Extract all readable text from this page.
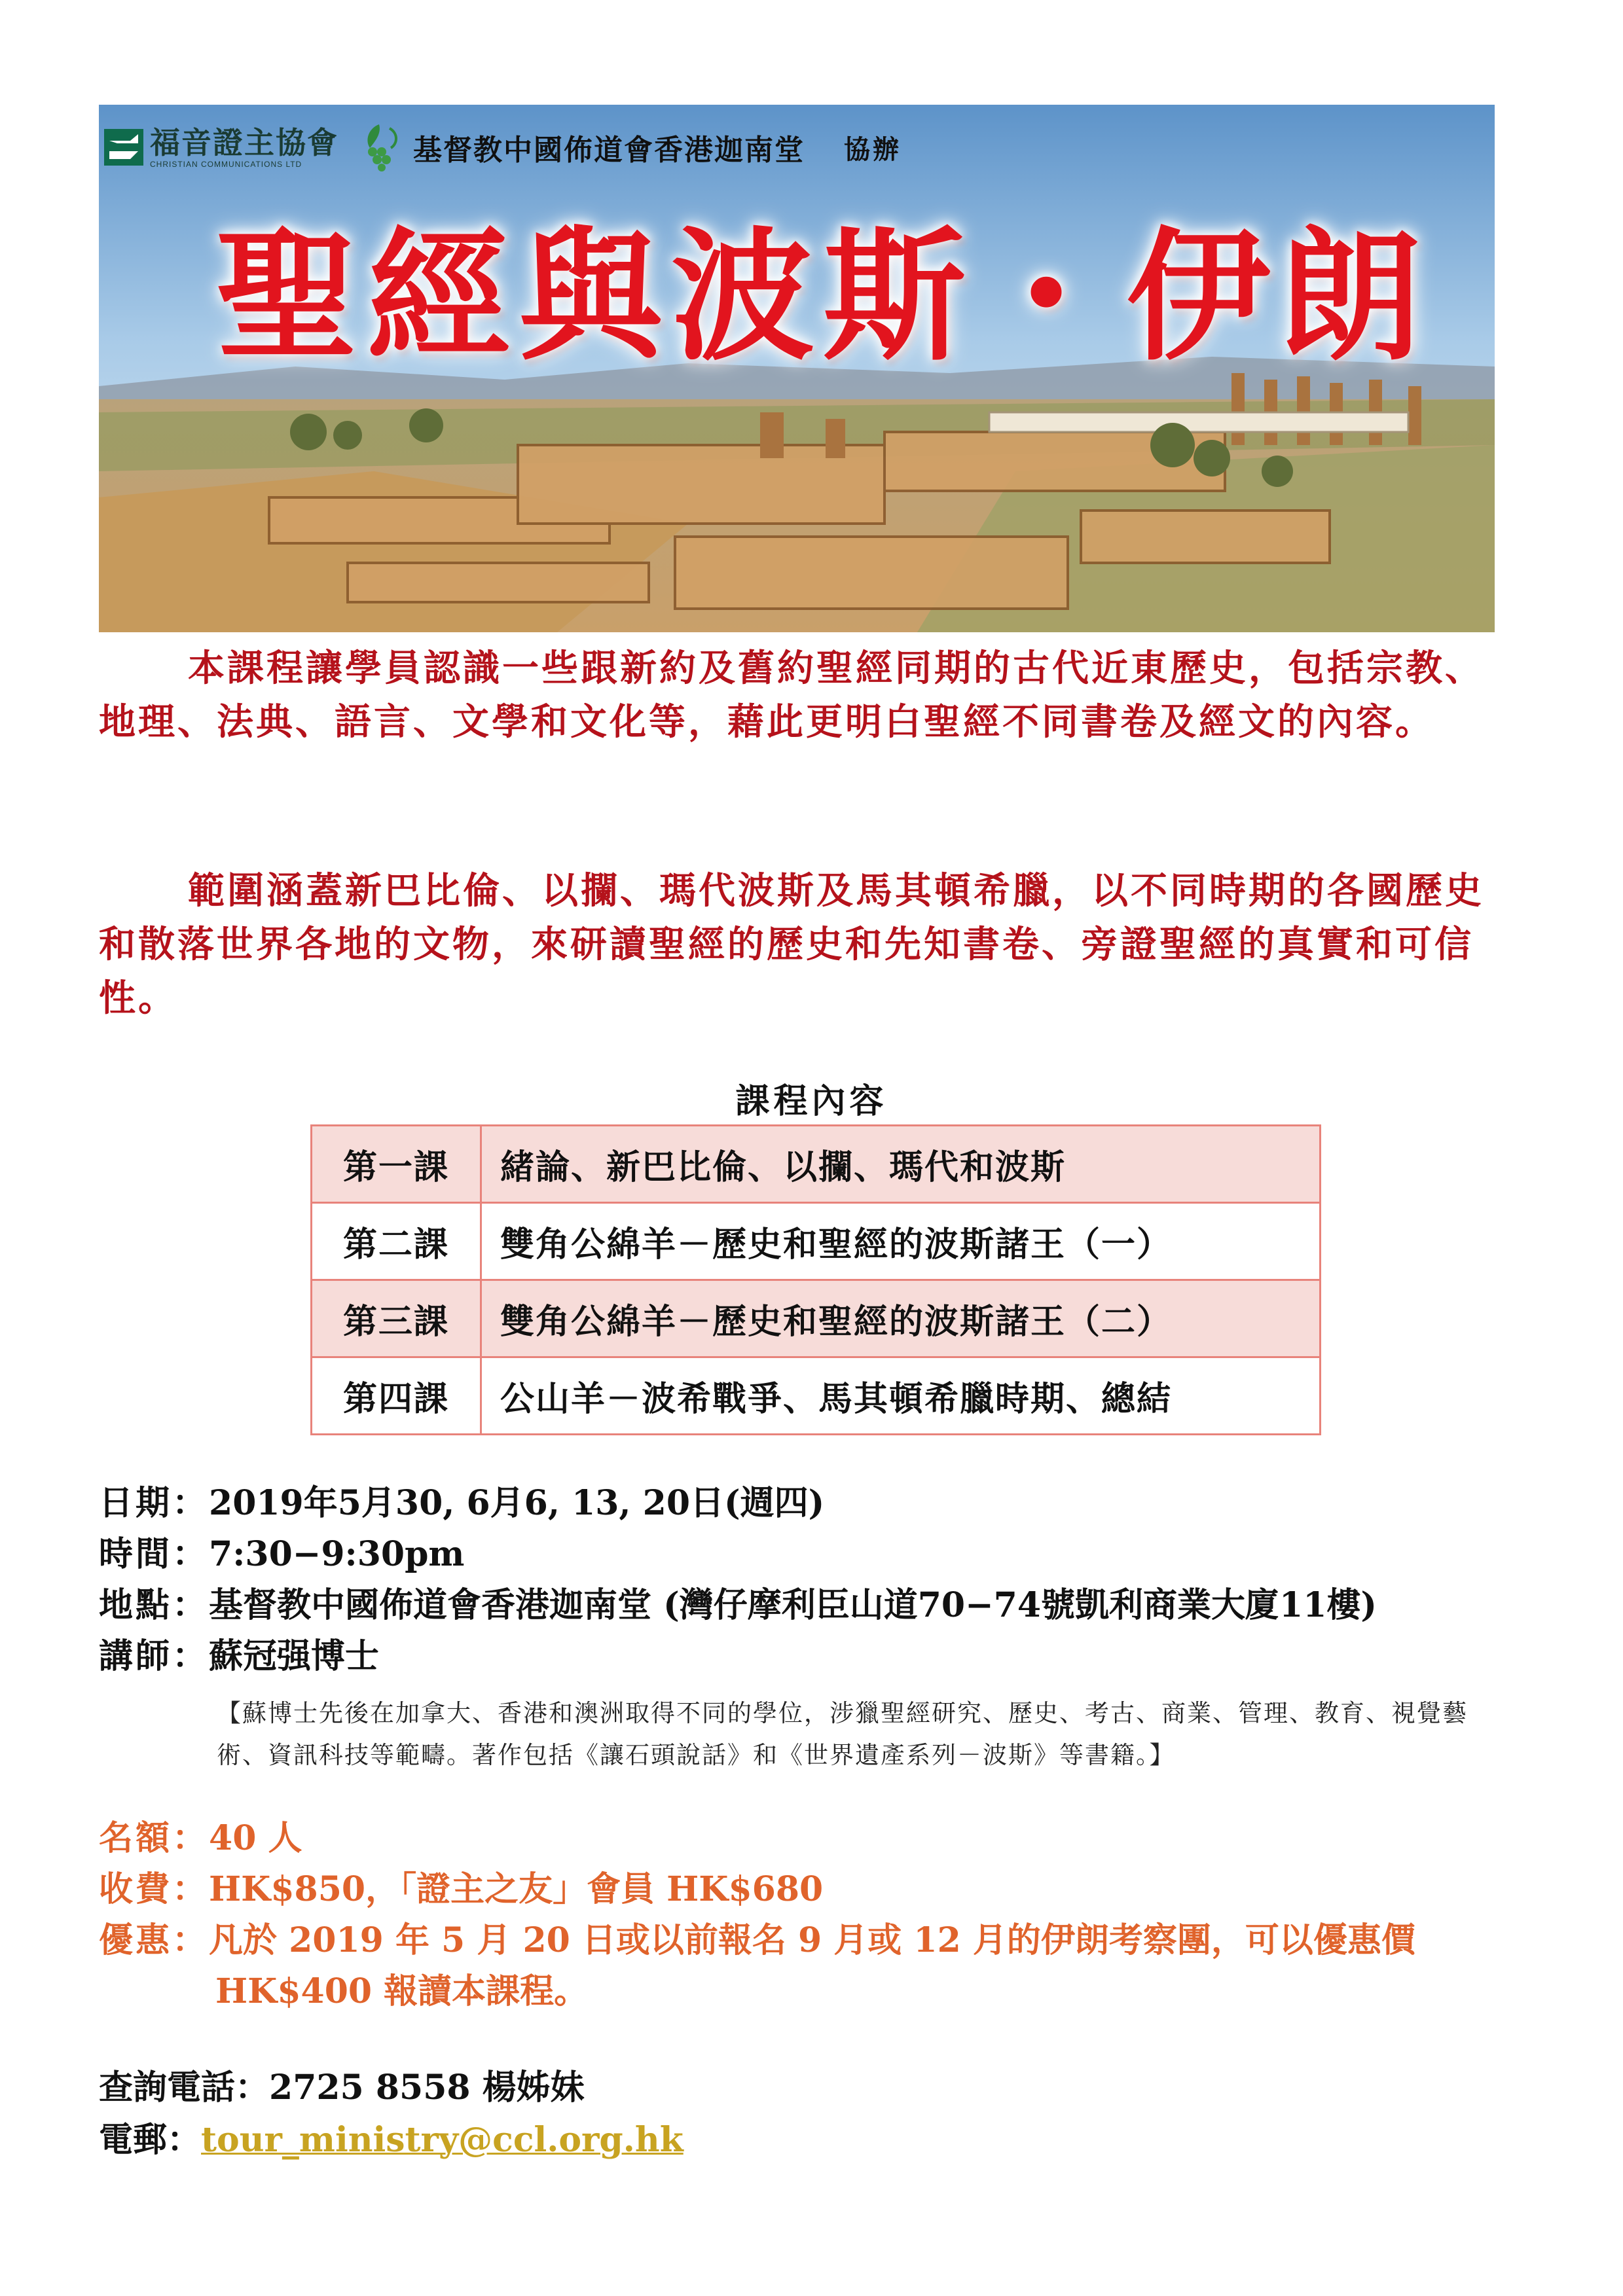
福音證主協會
CHRISTIAN COMMUNICATIONS LTD	基督教中國佈道會香港迦南堂 協辦
聖經與波斯・伊朗

本課程讓學員認識一些跟新約及舊約聖經同期的古代近東歷史，包括宗教、地理、法典、語言、文學和文化等，藉此更明白聖經不同書卷及經文的內容。

範圍涵蓋新巴比倫、以攔、瑪代波斯及馬其頓希臘，以不同時期的各國歷史和散落世界各地的文物，來研讀聖經的歷史和先知書卷、旁證聖經的真實和可信性。

課程內容
第一課	緒論、新巴比倫、以攔、瑪代和波斯
第二課	雙角公綿羊－歷史和聖經的波斯諸王（一）
第三課	雙角公綿羊－歷史和聖經的波斯諸王（二）
第四課	公山羊－波希戰爭、馬其頓希臘時期、總結
日期：2019年5月30, 6月6, 13, 20日(週四)
時間：7:30−9:30pm
地點：基督教中國佈道會香港迦南堂 (灣仔摩利臣山道70−74號凱利商業大廈11樓)
講師：蘇冠强博士
【蘇博士先後在加拿大、香港和澳洲取得不同的學位，涉獵聖經研究、歷史、考古、商業、管理、教育、視覺藝術、資訊科技等範疇。著作包括《讓石頭說話》和《世界遺產系列－波斯》等書籍。】
名額：40 人
收費：HK$850，「證主之友」會員 HK$680
優惠：凡於 2019 年 5 月 20 日或以前報名 9 月或 12 月的伊朗考察團，可以優惠價
HK$400 報讀本課程。
查詢電話：2725 8558 楊姊妹
電郵：tour_ministry@ccl.org.hk
